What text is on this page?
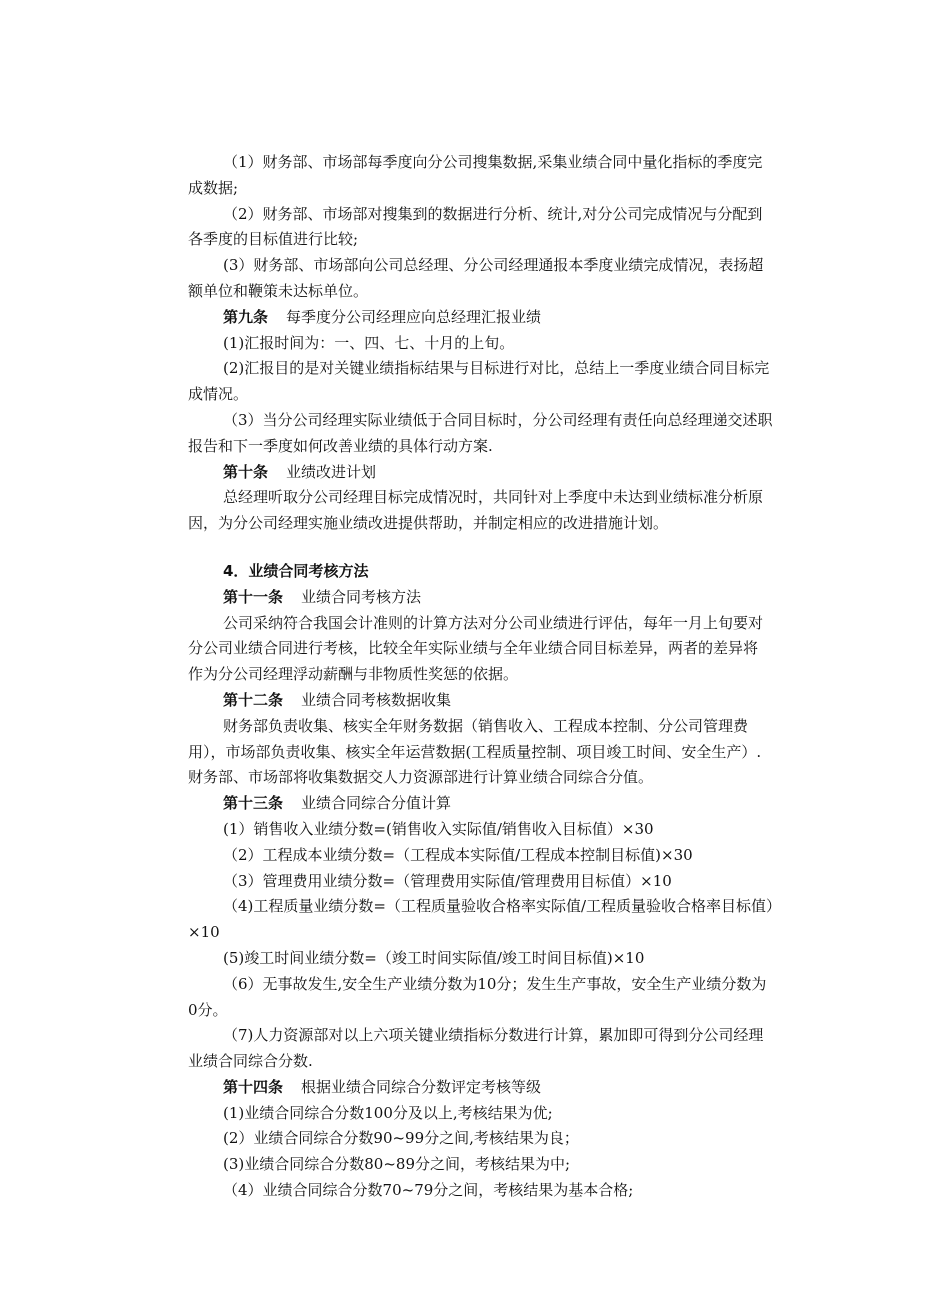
（1）财务部、市场部每季度向分公司搜集数据,采集业绩合同中量化指标的季度完
成数据;
（2）财务部、市场部对搜集到的数据进行分析、统计,对分公司完成情况与分配到
各季度的目标值进行比较;
(3）财务部、市场部向公司总经理、分公司经理通报本季度业绩完成情况，表扬超
额单位和鞭策未达标单位。
第九条 每季度分公司经理应向总经理汇报业绩
(1)汇报时间为：一、四、七、十月的上旬。
(2)汇报目的是对关键业绩指标结果与目标进行对比，总结上一季度业绩合同目标完
成情况。
（3）当分公司经理实际业绩低于合同目标时，分公司经理有责任向总经理递交述职
报告和下一季度如何改善业绩的具体行动方案.
第十条 业绩改进计划
总经理听取分公司经理目标完成情况时，共同针对上季度中未达到业绩标准分析原
因，为分公司经理实施业绩改进提供帮助，并制定相应的改进措施计划。
4．业绩合同考核方法
第十一条 业绩合同考核方法
公司采纳符合我国会计准则的计算方法对分公司业绩进行评估，每年一月上旬要对
分公司业绩合同进行考核，比较全年实际业绩与全年业绩合同目标差异，两者的差异将
作为分公司经理浮动薪酬与非物质性奖惩的依据。
第十二条 业绩合同考核数据收集
财务部负责收集、核实全年财务数据（销售收入、工程成本控制、分公司管理费
用），市场部负责收集、核实全年运营数据(工程质量控制、项目竣工时间、安全生产）.
财务部、市场部将收集数据交人力资源部进行计算业绩合同综合分值。
第十三条 业绩合同综合分值计算
(1）销售收入业绩分数=(销售收入实际值/销售收入目标值）×30
（2）工程成本业绩分数=（工程成本实际值/工程成本控制目标值)×30
（3）管理费用业绩分数=（管理费用实际值/管理费用目标值）×10
（4)工程质量业绩分数=（工程质量验收合格率实际值/工程质量验收合格率目标值）
×10
(5)竣工时间业绩分数=（竣工时间实际值/竣工时间目标值)×10
（6）无事故发生,安全生产业绩分数为10分；发生生产事故，安全生产业绩分数为
0分。
（7)人力资源部对以上六项关键业绩指标分数进行计算，累加即可得到分公司经理
业绩合同综合分数.
第十四条 根据业绩合同综合分数评定考核等级
(1)业绩合同综合分数100分及以上,考核结果为优;
(2）业绩合同综合分数90~99分之间,考核结果为良；
(3)业绩合同综合分数80~89分之间，考核结果为中;
（4）业绩合同综合分数70~79分之间，考核结果为基本合格;
